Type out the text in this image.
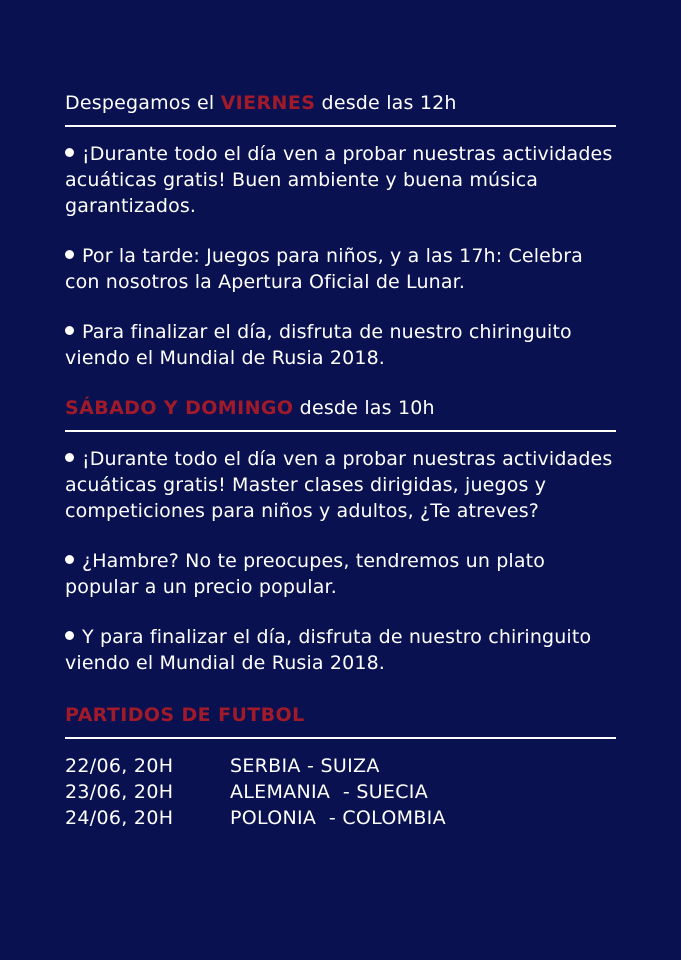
Despegamos el VIERNES desde las 12h
¡Durante todo el día ven a probar nuestras actividades acuáticas gratis! Buen ambiente y buena música garantizados.
Por la tarde: Juegos para niños, y a las 17h: Celebra con nosotros la Apertura Oficial de Lunar.
Para finalizar el día, disfruta de nuestro chiringuito viendo el Mundial de Rusia 2018.
SÁBADO Y DOMINGO desde las 10h
¡Durante todo el día ven a probar nuestras actividades acuáticas gratis! Master clases dirigidas, juegos y competiciones para niños y adultos, ¿Te atreves?
¿Hambre? No te preocupes, tendremos un plato popular a un precio popular.
Y para finalizar el día, disfruta de nuestro chiringuito viendo el Mundial de Rusia 2018.
PARTIDOS DE FUTBOL
22/06, 20H	SERBIA - SUIZA
23/06, 20H	ALEMANIA  - SUECIA
24/06, 20H	POLONIA  - COLOMBIA
